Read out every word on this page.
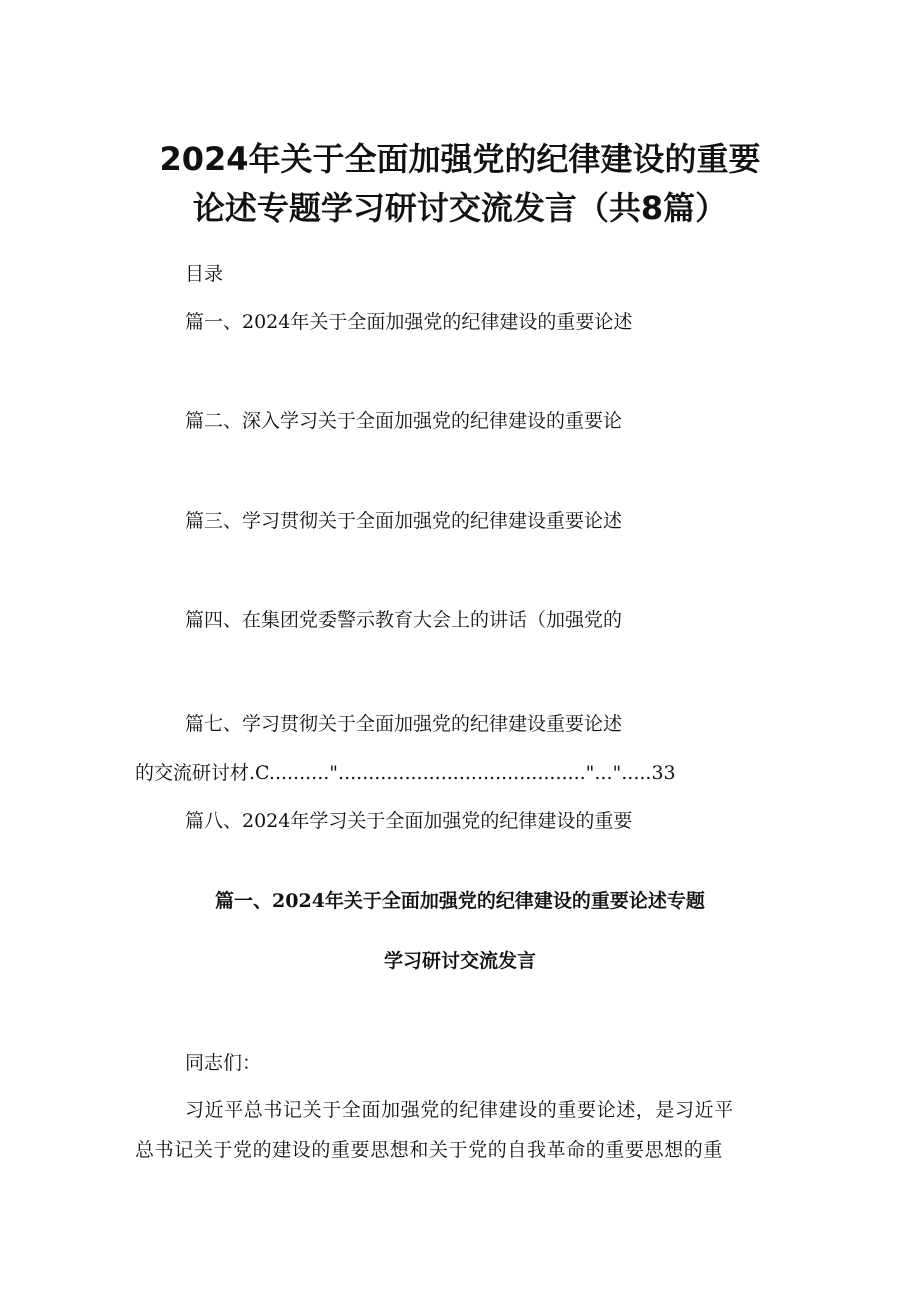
2024年关于全面加强党的纪律建设的重要
论述专题学习研讨交流发言（共8篇）
目录
篇一、2024年关于全面加强党的纪律建设的重要论述
篇二、深入学习关于全面加强党的纪律建设的重要论
篇三、学习贯彻关于全面加强党的纪律建设重要论述
篇四、在集团党委警示教育大会上的讲话（加强党的
篇七、学习贯彻关于全面加强党的纪律建设重要论述
的交流研讨材.C.........."........................................."...".....33
篇八、2024年学习关于全面加强党的纪律建设的重要
篇一、2024年关于全面加强党的纪律建设的重要论述专题
学习研讨交流发言
同志们：
习近平总书记关于全面加强党的纪律建设的重要论述，是习近平
总书记关于党的建设的重要思想和关于党的自我革命的重要思想的重
